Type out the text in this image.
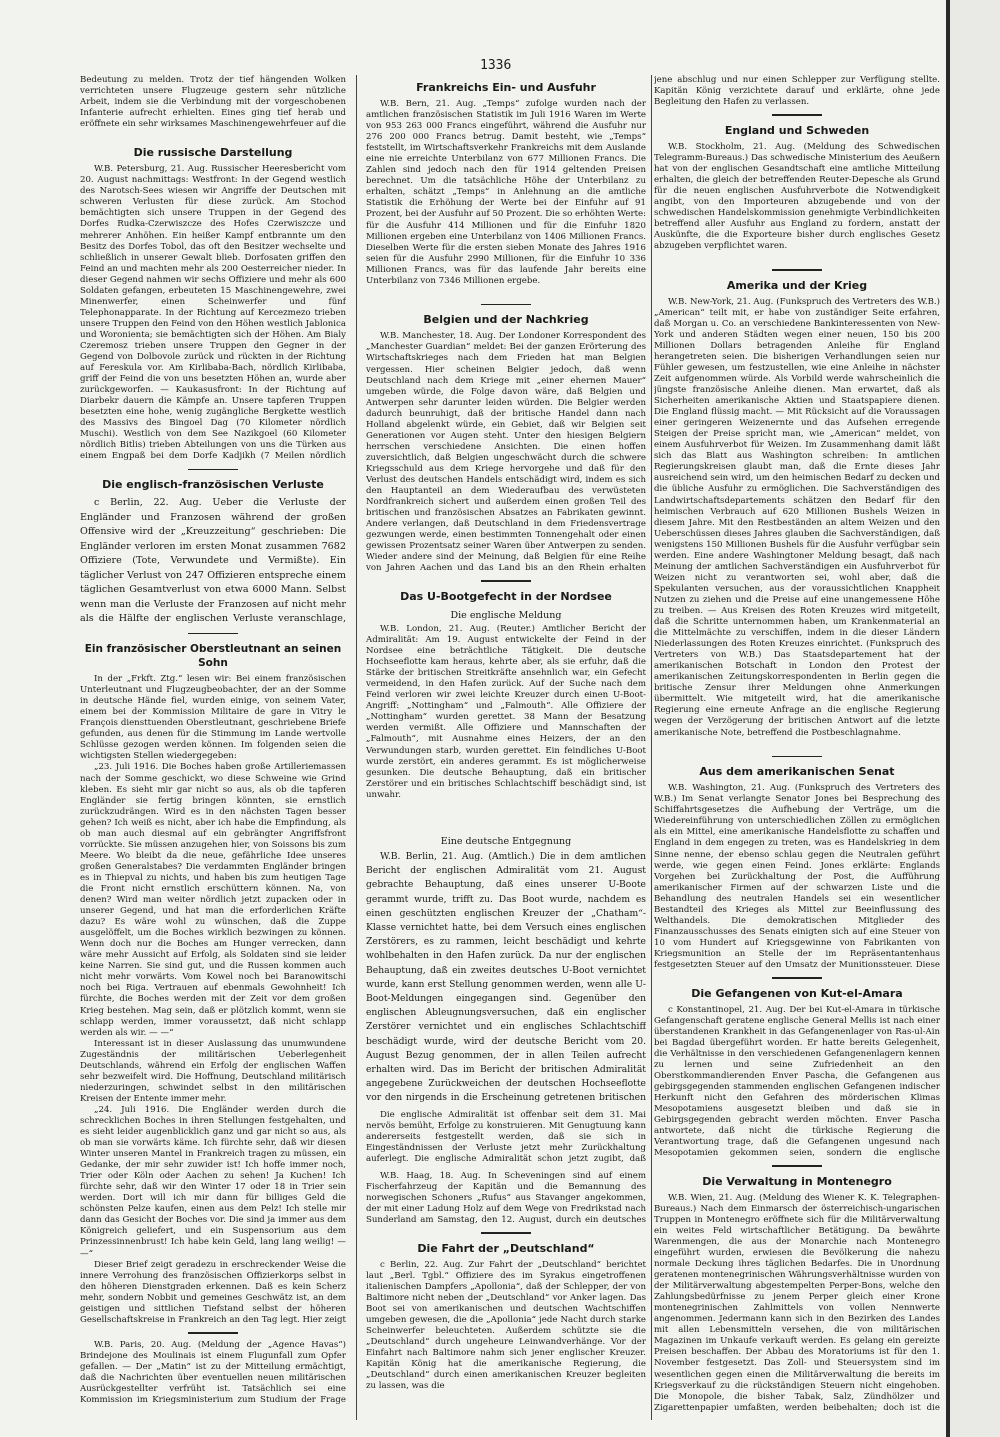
1336

Bedeutung zu melden. Trotz der tief hängenden Wolken verrichteten unsere Flugzeuge gestern sehr nützliche Arbeit, indem sie die Verbindung mit der vorgeschobenen Infanterie aufrecht erhielten. Eines ging tief herab und eröffnete ein sehr wirksames Maschinengewehrfeuer auf die

Die russische Darstellung

W.B. Petersburg, 21. Aug. Russischer Heeresbericht vom 20. August nachmittags: Westfront: In der Gegend westlich des Narotsch-Sees wiesen wir Angriffe der Deutschen mit schweren Verlusten für diese zurück. Am Stochod bemächtigten sich unsere Truppen in der Gegend des Dorfes Rudka-Czerwiszcze des Hofes Czerwiszcze und mehrerer Anhöhen. Ein heißer Kampf entbrannte um den Besitz des Dorfes Tobol, das oft den Besitzer wechselte und schließlich in unserer Gewalt blieb. Dorfosaten griffen den Feind an und machten mehr als 200 Oesterreicher nieder. In dieser Gegend nahmen wir sechs Offiziere und mehr als 600 Soldaten gefangen, erbeuteten 15 Maschinengewehre, zwei Minenwerfer, einen Scheinwerfer und fünf Telephonapparate. In der Richtung auf Kercezmezo trieben unsere Truppen den Feind von den Höhen westlich Jablonica und Woronienta; sie bemächtigten sich der Höhen. Am Bialy Czeremosz trieben unsere Truppen den Gegner in der Gegend von Dolbovole zurück und rückten in der Richtung auf Fereskula vor. Am Kirlibaba-Bach, nördlich Kirlibaba, griff der Feind die von uns besetzten Höhen an, wurde aber zurückgeworfen. — Kaukasusfront: In der Richtung auf Diarbekr dauern die Kämpfe an. Unsere tapferen Truppen besetzten eine hohe, wenig zugängliche Bergkette westlich des Massivs des Bingoel Dag (70 Kilometer nördlich Muschi). Westlich von dem See Nazikgoel (60 Kilometer nördlich Bitlis) trieben Abteilungen von uns die Türken aus einem Engpaß bei dem Dorfe Kadjikh (7 Meilen nördlich

Die englisch-französischen Verluste

c Berlin, 22. Aug. Ueber die Verluste der Engländer und Franzosen während der großen Offensive wird der „Kreuzzeitung“ geschrieben: Die Engländer verloren im ersten Monat zusammen 7682 Offiziere (Tote, Verwundete und Vermißte). Ein täglicher Verlust von 247 Offizieren entspreche einem täglichen Gesamtverlust von etwa 6000 Mann. Selbst wenn man die Verluste der Franzosen auf nicht mehr als die Hälfte der englischen Verluste veranschlage,

Ein französischer Oberstleutnant an seinen Sohn

In der „Frkft. Ztg.“ lesen wir: Bei einem französischen Unterleutnant und Flugzeugbeobachter, der an der Somme in deutsche Hände fiel, wurden einige, von seinem Vater, einem bei der Kommission Militaire de gare in Vitry le François diensttuenden Oberstleutnant, geschriebene Briefe gefunden, aus denen für die Stimmung im Lande wertvolle Schlüsse gezogen werden können. Im folgenden seien die wichtigsten Stellen wiedergegeben:

„23. Juli 1916. Die Boches haben große Artilleriemassen nach der Somme geschickt, wo diese Schweine wie Grind kleben. Es sieht mir gar nicht so aus, als ob die tapferen Engländer sie fertig bringen könnten, sie ernstlich zurückzudrängen. Wird es in den nächsten Tagen besser gehen? Ich weiß es nicht, aber ich habe die Empfindung, als ob man auch diesmal auf ein gebrängter Angriffsfront vorrückte. Sie müssen anzugehen hier, von Soissons bis zum Meere. Wo bleibt da die neue, gefährliche Idee unseres großen Generalstabes? Die verdammten Engländer bringen es in Thiepval zu nichts, und haben bis zum heutigen Tage die Front nicht ernstlich erschüttern können. Na, von denen? Wird man weiter nördlich jetzt zupacken oder in unserer Gegend, und hat man die erforderlichen Kräfte dazu? Es wäre wohl zu wünschen, daß die Zuppe ausgelöffelt, um die Boches wirklich bezwingen zu können. Wenn doch nur die Boches am Hunger verrecken, dann wäre mehr Aussicht auf Erfolg, als Soldaten sind sie leider keine Narren. Sie sind gut, und die Russen kommen auch nicht mehr vorwärts. Vom Kowel noch bei Baranowitschi noch bei Riga. Vertrauen auf ebenmals Gewohnheit! Ich fürchte, die Boches werden mit der Zeit vor dem großen Krieg bestehen. Mag sein, daß er plötzlich kommt, wenn sie schlapp werden, immer voraussetzt, daß nicht schlapp werden als wir. — —“

Interessant ist in dieser Auslassung das unumwundene Zugeständnis der militärischen Ueberlegenheit Deutschlands, während ein Erfolg der englischen Waffen sehr bezweifelt wird. Die Hoffnung, Deutschland militärisch niederzuringen, schwindet selbst in den militärischen Kreisen der Entente immer mehr.

„24. Juli 1916. Die Engländer werden durch die schrecklichen Boches in ihren Stellungen festgehalten, und es sieht leider augenblicklich ganz und gar nicht so aus, als ob man sie vorwärts käme. Ich fürchte sehr, daß wir diesen Winter unseren Mantel in Frankreich tragen zu müssen, ein Gedanke, der mir sehr zuwider ist! Ich hoffe immer noch, Trier oder Köln oder Aachen zu sehen! Ja Kuchen! Ich fürchte sehr, daß wir den Winter 17 oder 18 in Trier sein werden. Dort will ich mir dann für billiges Geld die schönsten Pelze kaufen, einen aus dem Pelz! Ich stelle mir dann das Gesicht der Boches vor. Die sind ja immer aus dem Königreich geliefert, und ein Suspensorium aus dem Prinzessinnenbrust! Ich habe kein Geld, lang lang weilig! — —“

Dieser Brief zeigt geradezu in erschreckender Weise die innere Verrohung des französischen Offizierkorps selbst in den höheren Dienstgraden erkennen. Daß es kein Scherz mehr, sondern Nobbit und gemeines Geschwätz ist, an dem geistigen und sittlichen Tiefstand selbst der höheren Gesellschaftskreise in Frankreich an den Tag legt. Hier zeigt

W.B. Paris, 20. Aug. (Meldung der „Agence Havas“) Brindejone des Moulinais ist einem Flugunfall zum Opfer gefallen. — Der „Matin“ ist zu der Mitteilung ermächtigt, daß die Nachrichten über eventuellen neuen militärischen Ausrückgestellter verfrüht ist. Tatsächlich sei eine Kommission im Kriegsministerium zum Studium der Frage

Frankreichs Ein- und Ausfuhr

W.B. Bern, 21. Aug. „Temps“ zufolge wurden nach der amtlichen französischen Statistik im Juli 1916 Waren im Werte von 953 263 000 Francs eingeführt, während die Ausfuhr nur 276 200 000 Francs betrug. Damit besteht, wie „Temps“ feststellt, im Wirtschaftsverkehr Frankreichs mit dem Auslande eine nie erreichte Unterbilanz von 677 Millionen Francs. Die Zahlen sind jedoch nach den für 1914 geltenden Preisen berechnet. Um die tatsächliche Höhe der Unterbilanz zu erhalten, schätzt „Temps“ in Anlehnung an die amtliche Statistik die Erhöhung der Werte bei der Einfuhr auf 91 Prozent, bei der Ausfuhr auf 50 Prozent. Die so erhöhten Werte: für die Ausfuhr 414 Millionen und für die Einfuhr 1820 Millionen ergeben eine Unterbilanz von 1406 Millionen Francs. Dieselben Werte für die ersten sieben Monate des Jahres 1916 seien für die Ausfuhr 2990 Millionen, für die Einfuhr 10 336 Millionen Francs, was für das laufende Jahr bereits eine Unterbilanz von 7346 Millionen ergebe.

Belgien und der Nachkrieg

W.B. Manchester, 18. Aug. Der Londoner Korrespondent des „Manchester Guardian“ meldet: Bei der ganzen Erörterung des Wirtschaftskrieges nach dem Frieden hat man Belgien vergessen. Hier scheinen Belgier jedoch, daß wenn Deutschland nach dem Kriege mit „einer ehernen Mauer“ umgeben würde, die Folge davon wäre, daß Belgien und Antwerpen sehr darunter leiden würden. Die Belgier werden dadurch beunruhigt, daß der britische Handel dann nach Holland abgelenkt würde, ein Gebiet, daß wir Belgien seit Generationen vor Augen steht. Unter den hiesigen Belgiern herrschen verschiedene Ansichten. Die einen hoffen zuversichtlich, daß Belgien ungeschwächt durch die schwere Kriegsschuld aus dem Kriege hervorgehe und daß für den Verlust des deutschen Handels entschädigt wird, indem es sich den Hauptanteil an dem Wiederaufbau des verwüsteten Nordfrankreich sichert und außerdem einen großen Teil des britischen und französischen Absatzes an Fabrikaten gewinnt. Andere verlangen, daß Deutschland in dem Friedensvertrage gezwungen werde, einen bestimmten Tonnengehalt oder einen gewissen Prozentsatz seiner Waren über Antwerpen zu senden. Wieder andere sind der Meinung, daß Belgien für eine Reihe von Jahren Aachen und das Land bis an den Rhein erhalten

Das U-Bootgefecht in der Nordsee
Die englische Meldung

W.B. London, 21. Aug. (Reuter.) Amtlicher Bericht der Admiralität: Am 19. August entwickelte der Feind in der Nordsee eine beträchtliche Tätigkeit. Die deutsche Hochseeflotte kam heraus, kehrte aber, als sie erfuhr, daß die Stärke der britischen Streitkräfte ansehnlich war, ein Gefecht vermeidend, in den Hafen zurück. Auf der Suche nach dem Feind verloren wir zwei leichte Kreuzer durch einen U-Boot-Angriff: „Nottingham“ und „Falmouth“. Alle Offiziere der „Nottingham“ wurden gerettet. 38 Mann der Besatzung werden vermißt. Alle Offiziere und Mannschaften der „Falmouth“, mit Ausnahme eines Heizers, der an den Verwundungen starb, wurden gerettet. Ein feindliches U-Boot wurde zerstört, ein anderes gerammt. Es ist möglicherweise gesunken. Die deutsche Behauptung, daß ein britischer Zerstörer und ein britisches Schlachtschiff beschädigt sind, ist unwahr.

Eine deutsche Entgegnung

W.B. Berlin, 21. Aug. (Amtlich.) Die in dem amtlichen Bericht der englischen Admiralität vom 21. August gebrachte Behauptung, daß eines unserer U-Boote gerammt wurde, trifft zu. Das Boot wurde, nachdem es einen geschützten englischen Kreuzer der „Chatham“-Klasse vernichtet hatte, bei dem Versuch eines englischen Zerstörers, es zu rammen, leicht beschädigt und kehrte wohlbehalten in den Hafen zurück. Da nur der englischen Behauptung, daß ein zweites deutsches U-Boot vernichtet wurde, kann erst Stellung genommen werden, wenn alle U-Boot-Meldungen eingegangen sind. Gegenüber den englischen Ableugnungsversuchen, daß ein englischer Zerstörer vernichtet und ein englisches Schlachtschiff beschädigt wurde, wird der deutsche Bericht vom 20. August Bezug genommen, der in allen Teilen aufrecht erhalten wird. Das im Bericht der britischen Admiralität angegebene Zurückweichen der deutschen Hochseeflotte vor den nirgends in die Erscheinung getretenen britischen

Die englische Admiralität ist offenbar seit dem 31. Mai nervös bemüht, Erfolge zu konstruieren. Mit Genugtuung kann andererseits festgestellt werden, daß sie sich in Eingeständnissen der Verluste jetzt mehr Zurückhaltung auferlegt. Die englische Admiralität schon jetzt zugibt, daß

W.B. Haag, 18. Aug. In Scheveningen sind auf einem Fischerfahrzeug der Kapitän und die Bemannung des norwegischen Schoners „Rufus“ aus Stavanger angekommen, der mit einer Ladung Holz auf dem Wege von Fredrikstad nach Sunderland am Samstag, den 12. August, durch ein deutsches

Die Fahrt der „Deutschland“

c Berlin, 22. Aug. Zur Fahrt der „Deutschland“ berichtet laut „Berl. Tgbl.“ Offiziere des im Syrakus eingetroffenen italienischen Dampfers „Apollonia“, daß der Schlepper, der von Baltimore nicht neben der „Deutschland“ vor Anker lagen. Das Boot sei von amerikanischen und deutschen Wachtschiffen umgeben gewesen, die die „Apollonia“ jede Nacht durch starke Scheinwerfer beleuchteten. Außerdem schützte sie die „Deutschland“ durch ungeheure Leinwandverhänge. Vor der Einfahrt nach Baltimore nahm sich jener englischer Kreuzer. Kapitän König hat die amerikanische Regierung, die „Deutschland“ durch einen amerikanischen Kreuzer begleiten zu lassen, was die

jene abschlug und nur einen Schlepper zur Verfügung stellte. Kapitän König verzichtete darauf und erklärte, ohne jede Begleitung den Hafen zu verlassen.

England und Schweden

W.B. Stockholm, 21. Aug. (Meldung des Schwedischen Telegramm-Bureaus.) Das schwedische Ministerium des Aeußern hat von der englischen Gesandtschaft eine amtliche Mitteilung erhalten, die gleich der betreffenden Reuter-Depesche als Grund für die neuen englischen Ausfuhrverbote die Notwendigkeit angibt, von den Importeuren abzugebende und von der schwedischen Handelskommission genehmigte Verbindlichkeiten betreffend aller Ausfuhr aus England zu fordern, anstatt der Auskünfte, die die Exporteure bisher durch englisches Gesetz abzugeben verpflichtet waren.

Amerika und der Krieg

W.B. New-York, 21. Aug. (Funkspruch des Vertreters des W.B.) „American“ teilt mit, er habe von zuständiger Seite erfahren, daß Morgan u. Co. an verschiedene Bankinteressenten von New-York und anderen Städten wegen einer neuen, 150 bis 200 Millionen Dollars betragenden Anleihe für England herangetreten seien. Die bisherigen Verhandlungen seien nur Fühler gewesen, um festzustellen, wie eine Anleihe in nächster Zeit aufgenommen würde. Als Vorbild werde wahrscheinlich die jüngste französische Anleihe dienen. Man erwartet, daß als Sicherheiten amerikanische Aktien und Staatspapiere dienen. Die England flüssig macht. — Mit Rücksicht auf die Voraussagen einer geringeren Weizenernte und das Aufsehen erregende Steigen der Preise spricht man, wie „American“ meldet, von einem Ausfuhrverbot für Weizen. Im Zusammenhang damit läßt sich das Blatt aus Washington schreiben: In amtlichen Regierungskreisen glaubt man, daß die Ernte dieses Jahr ausreichend sein wird, um den heimischen Bedarf zu decken und die übliche Ausfuhr zu ermöglichen. Die Sachverständigen des Landwirtschaftsdepartements schätzen den Bedarf für den heimischen Verbrauch auf 620 Millionen Bushels Weizen in diesem Jahre. Mit den Restbeständen an altem Weizen und den Ueberschüssen dieses Jahres glauben die Sachverständigen, daß wenigstens 150 Millionen Bushels für die Ausfuhr verfügbar sein werden. Eine andere Washingtoner Meldung besagt, daß nach Meinung der amtlichen Sachverständigen ein Ausfuhrverbot für Weizen nicht zu verantworten sei, wohl aber, daß die Spekulanten versuchen, aus der voraussichtlichen Knappheit Nutzen zu ziehen und die Preise auf eine unangemessene Höhe zu treiben. — Aus Kreisen des Roten Kreuzes wird mitgeteilt, daß die Schritte unternommen haben, um Krankenmaterial an die Mittelmächte zu verschiffen, indem in die dieser Ländern Niederlassungen des Roten Kreuzes einrichtet. (Funkspruch des Vertreters von W.B.) Das Staatsdepartement hat der amerikanischen Botschaft in London den Protest der amerikanischen Zeitungskorrespondenten in Berlin gegen die britische Zensur ihrer Meldungen ohne Anmerkungen übermittelt. Wie mitgeteilt wird, hat die amerikanische Regierung eine erneute Anfrage an die englische Regierung wegen der Verzögerung der britischen Antwort auf die letzte amerikanische Note, betreffend die Postbeschlagnahme.

Aus dem amerikanischen Senat

W.B. Washington, 21. Aug. (Funkspruch des Vertreters des W.B.) Im Senat verlangte Senator Jones bei Besprechung des Schiffahrtsgesetzes die Aufhebung der Verträge, um die Wiedereinführung von unterschiedlichen Zöllen zu ermöglichen als ein Mittel, eine amerikanische Handelsflotte zu schaffen und England in dem engegen zu treten, was es Handelskrieg in dem Sinne nenne, der ebenso schlau gegen die Neutralen geführt werde, wie gegen einen Feind. Jones erklärte: Englands Vorgehen bei Zurückhaltung der Post, die Aufführung amerikanischer Firmen auf der schwarzen Liste und die Behandlung des neutralen Handels sei ein wesentlicher Bestandteil des Krieges als Mittel zur Beeinflussung des Welthandels. Die demokratischen Mitglieder des Finanzausschusses des Senats einigten sich auf eine Steuer von 10 vom Hundert auf Kriegsgewinne von Fabrikanten von Kriegsmunition an Stelle der im Repräsentantenhaus festgesetzten Steuer auf den Umsatz der Munitionssteuer. Diese

Die Gefangenen von Kut-el-Amara

c Konstantinopel, 21. Aug. Der bei Kut-el-Amara in türkische Gefangenschaft geratene englische General Mellis ist nach einer überstandenen Krankheit in das Gefangenenlager von Ras-ul-Ain bei Bagdad übergeführt worden. Er hatte bereits Gelegenheit, die Verhältnisse in den verschiedenen Gefangenenlagern kennen zu lernen und seine Zufriedenheit an den Oberstkommandierenden Enver Pascha, die Gefangenen aus gebirgsgegenden stammenden englischen Gefangenen indischer Herkunft nicht den Gefahren des mörderischen Klimas Mesopotamiens ausgesetzt bleiben und daß sie in Gebirgsgegenden gebracht werden möchten. Enver Pascha antwortete, daß nicht die türkische Regierung die Verantwortung trage, daß die Gefangenen ungesund nach Mesopotamien gekommen seien, sondern die englische

Die Verwaltung in Montenegro

W.B. Wien, 21. Aug. (Meldung des Wiener K. K. Telegraphen-Bureaus.) Nach dem Einmarsch der österreichisch-ungarischen Truppen in Montenegro eröffnete sich für die Militärverwaltung ein weites Feld wirtschaftlicher Betätigung. Da bewährte Warenmengen, die aus der Monarchie nach Montenegro eingeführt wurden, erwiesen die Bevölkerung die nahezu normale Deckung ihres täglichen Bedarfes. Die in Unordnung geratenen montenegrinischen Währungsverhältnisse wurden von der Militärverwaltung abgestempelten Perper-Bons, welche den Zahlungsbedürfnisse zu jenem Perper gleich einer Krone montenegrinischen Zahlmittels von vollen Nennwerte angenommen. Jedermann kann sich in den Bezirken des Landes mit allen Lebensmitteln versehen, die von militärischen Magazinen im Unkaufe verkauft werden. Es gelang ein gereizte Preisen beschaffen. Der Abbau des Moratoriums ist für den 1. November festgesetzt. Das Zoll- und Steuersystem sind im wesentlichen gegen einen die Militärverwaltung die bereits im Kriegsverkauf zu die rückständigen Steuern nicht eingehoben. Die Monopole, die bisher Tabak, Salz, Zündhölzer und Zigarettenpapier umfaßten, werden beibehalten; doch ist die
